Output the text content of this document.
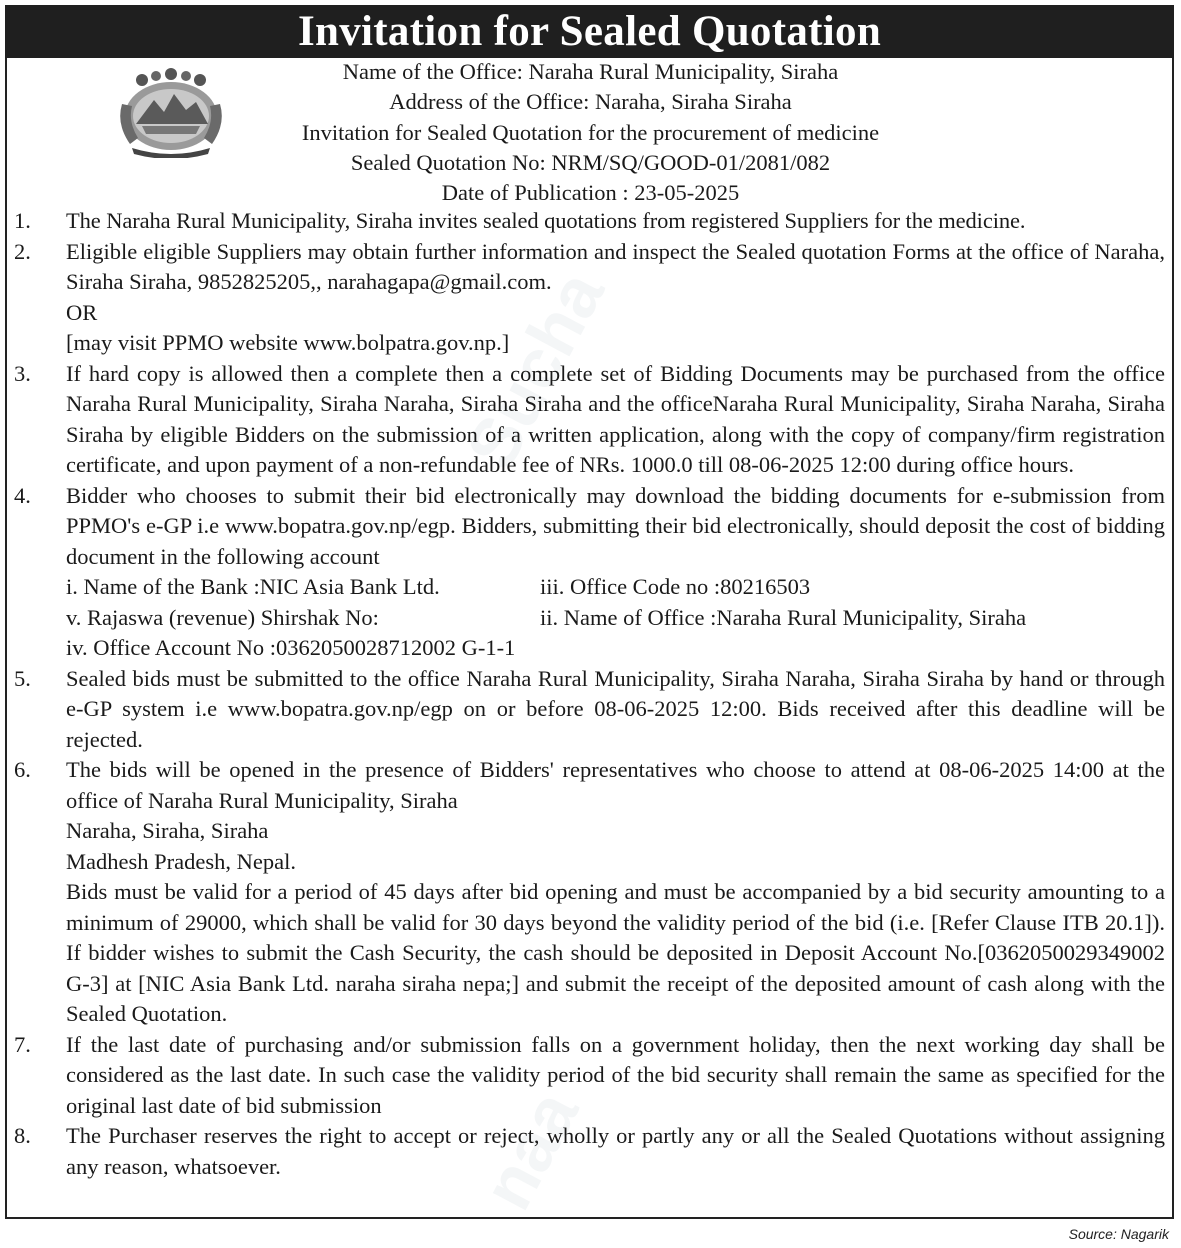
Sucha
naa
Invitation for Sealed Quotation
Name of the Office: Naraha Rural Municipality, Siraha
Address of the Office: Naraha, Siraha Siraha
Invitation for Sealed Quotation for the procurement of medicine
Sealed Quotation No: NRM/SQ/GOOD-01/2081/082
Date of Publication : 23-05-2025
1. The Naraha Rural Municipality, Siraha invites sealed quotations from registered Suppliers for the medicine.
2. Eligible eligible Suppliers may obtain further information and inspect the Sealed quotation Forms at the office of Naraha, Siraha Siraha, 9852825205,, narahagapa@gmail.com.
OR
[may visit PPMO website www.bolpatra.gov.np.]
3. If hard copy is allowed then a complete then a complete set of Bidding Documents may be purchased from the office Naraha Rural Municipality, Siraha Naraha, Siraha Siraha and the officeNaraha Rural Municipality, Siraha Naraha, Siraha Siraha by eligible Bidders on the submission of a written application, along with the copy of company/firm registration certificate, and upon payment of a non-refundable fee of NRs. 1000.0 till 08-06-2025 12:00 during office hours.
4. Bidder who chooses to submit their bid electronically may download the bidding documents for e-submission from PPMO's e-GP i.e www.bopatra.gov.np/egp. Bidders, submitting their bid electronically, should deposit the cost of bidding document in the following account
i. Name of the Bank :NIC Asia Bank Ltd.	iii. Office Code no :80216503
v. Rajaswa (revenue) Shirshak No:	ii. Name of Office :Naraha Rural Municipality, Siraha
iv. Office Account No :0362050028712002 G-1-1
5. Sealed bids must be submitted to the office Naraha Rural Municipality, Siraha Naraha, Siraha Siraha by hand or through e-GP system i.e www.bopatra.gov.np/egp on or before 08-06-2025 12:00. Bids received after this deadline will be rejected.
6. The bids will be opened in the presence of Bidders' representatives who choose to attend at 08-06-2025 14:00 at the office of Naraha Rural Municipality, Siraha
Naraha, Siraha, Siraha
Madhesh Pradesh, Nepal.
Bids must be valid for a period of 45 days after bid opening and must be accompanied by a bid security amounting to a minimum of 29000, which shall be valid for 30 days beyond the validity period of the bid (i.e. [Refer Clause ITB 20.1]). If bidder wishes to submit the Cash Security, the cash should be deposited in Deposit Account No.[0362050029349002 G-3] at [NIC Asia Bank Ltd. naraha siraha nepa;] and submit the receipt of the deposited amount of cash along with the Sealed Quotation.
7. If the last date of purchasing and/or submission falls on a government holiday, then the next working day shall be considered as the last date. In such case the validity period of the bid security shall remain the same as specified for the original last date of bid submission
8. The Purchaser reserves the right to accept or reject, wholly or partly any or all the Sealed Quotations without assigning any reason, whatsoever.
Source: Nagarik
